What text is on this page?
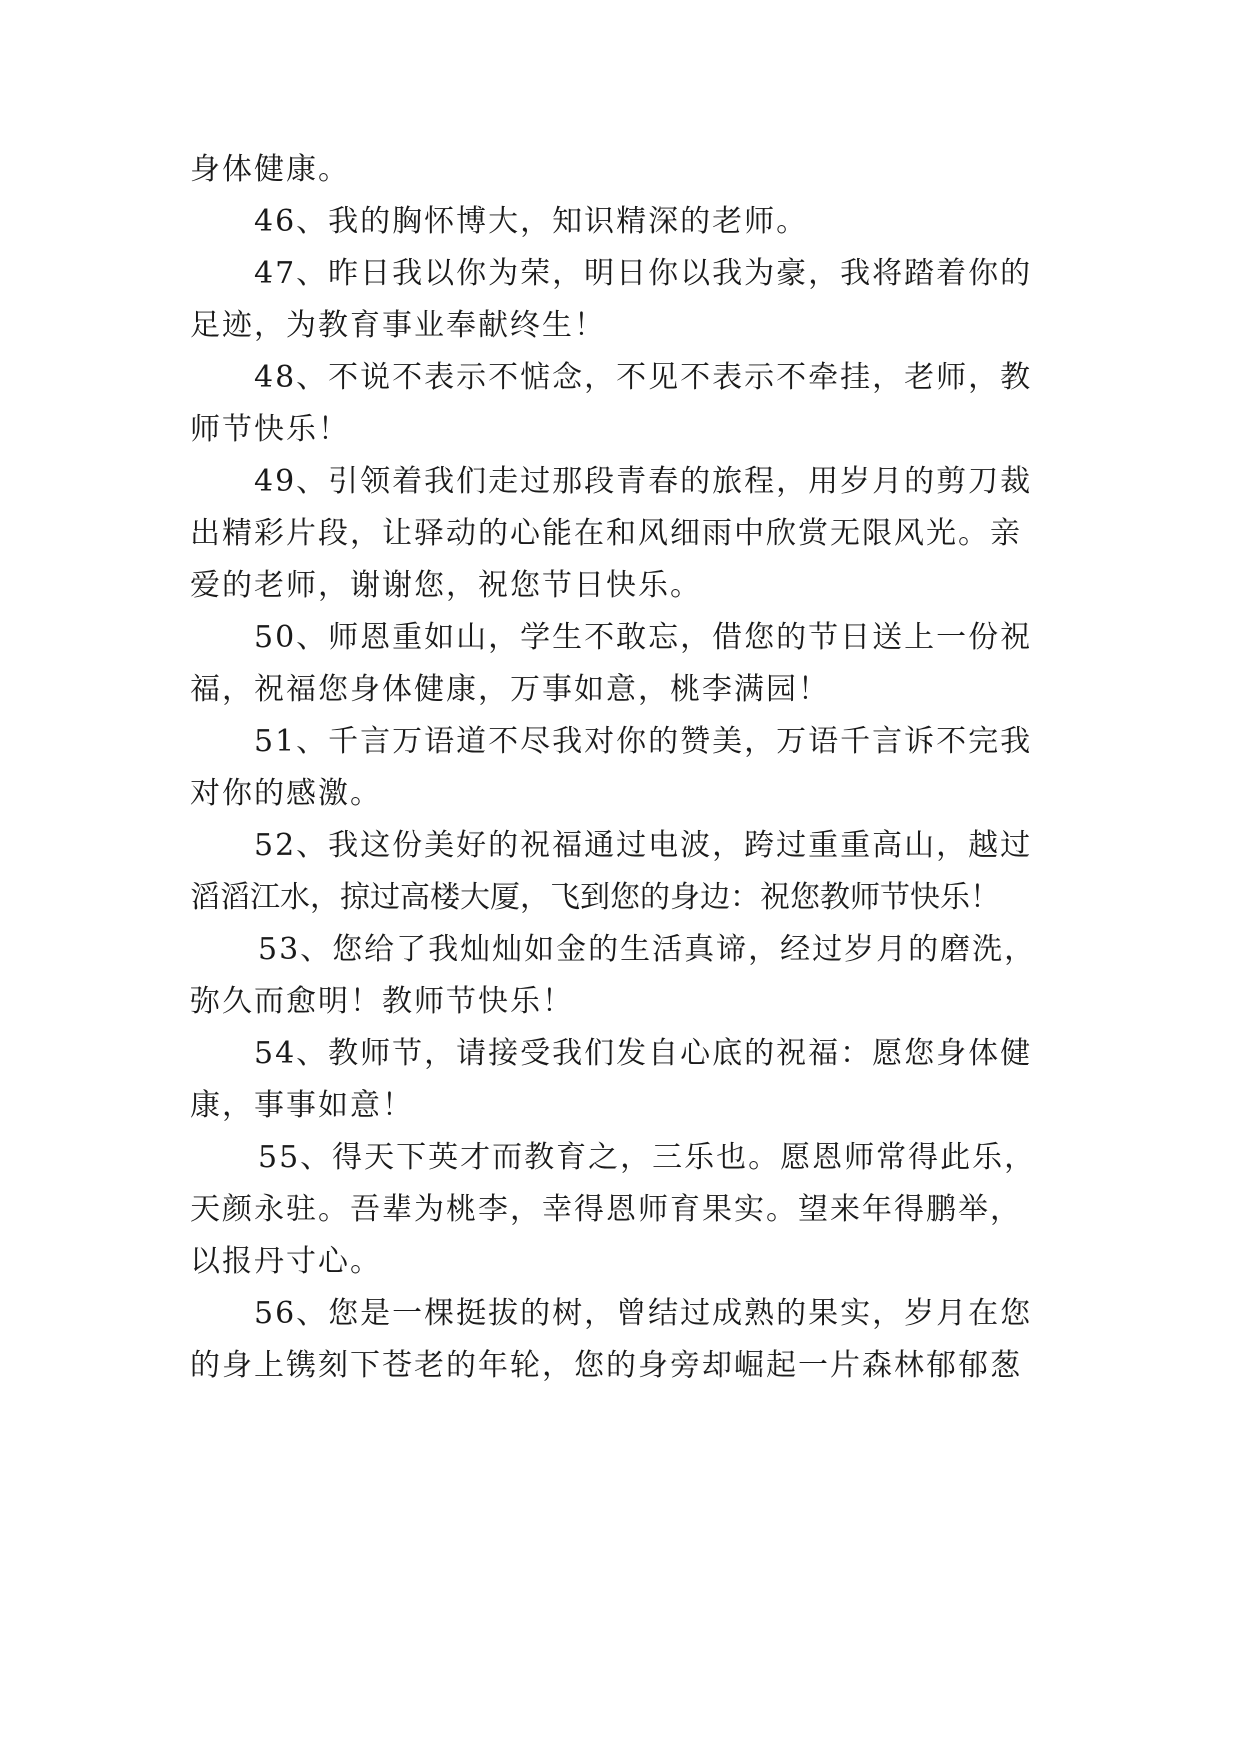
身体健康。
46、我的胸怀博大，知识精深的老师。
47、昨日我以你为荣，明日你以我为豪，我将踏着你的
足迹，为教育事业奉献终生！
48、不说不表示不惦念，不见不表示不牵挂，老师，教
师节快乐！
49、引领着我们走过那段青春的旅程，用岁月的剪刀裁
出精彩片段，让驿动的心能在和风细雨中欣赏无限风光。亲
爱的老师，谢谢您，祝您节日快乐。
50、师恩重如山，学生不敢忘，借您的节日送上一份祝
福，祝福您身体健康，万事如意，桃李满园！
51、千言万语道不尽我对你的赞美，万语千言诉不完我
对你的感激。
52、我这份美好的祝福通过电波，跨过重重高山，越过
滔滔江水，掠过高楼大厦，飞到您的身边：祝您教师节快乐！
53、您给了我灿灿如金的生活真谛，经过岁月的磨洗，
弥久而愈明！教师节快乐！
54、教师节，请接受我们发自心底的祝福：愿您身体健
康，事事如意！
55、得天下英才而教育之，三乐也。愿恩师常得此乐，
天颜永驻。吾辈为桃李，幸得恩师育果实。望来年得鹏举，
以报丹寸心。
56、您是一棵挺拔的树，曾结过成熟的果实，岁月在您
的身上镌刻下苍老的年轮，您的身旁却崛起一片森林郁郁葱
